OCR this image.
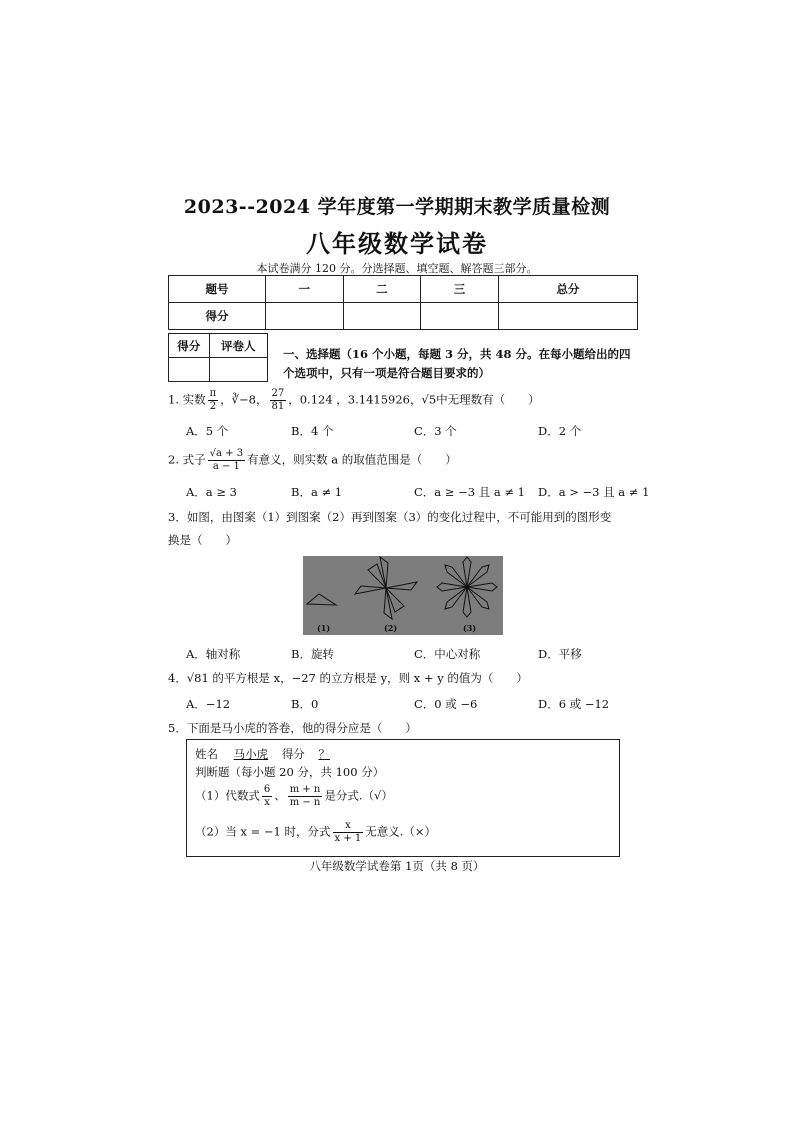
2023--2024 学年度第一学期期末教学质量检测
八年级数学试卷
本试卷满分 120 分。分选择题、填空题、解答题三部分。
题号	一	二	三	总分
得分				
得分	评卷人

一、选择题（16 个小题，每题 3 分，共 48 分。在每小题给出的四
个选项中，只有一项是符合题目要求的）
1. 实数 $\frac{\pi}{2}$ ，∛−8， $\frac{27}{81}$ ，0.124 ，3.1415926，√5中无理数有（　　）
A．5 个	B．4 个	C．3 个	D．2 个
2. 式子 $\frac{√a + 3}{a - 1}$ 有意义，则实数 a 的取值范围是（　　）
A．a ≥ 3	B．a ≠ 1	C．a ≥ −3 且 a ≠ 1 D．a > −3 且 a ≠ 1
3．如图，由图案（1）到图案（2）再到图案（3）的变化过程中，不可能用到的图形变
换是（　　）
(1)	(2)	(3)
A．轴对称	B．旋转	C．中心对称	D．平移
4．√81 的平方根是 x，−27 的立方根是 y，则 x + y 的值为（　　）
A．−12	B．0	C．0 或 −6	D．6 或 −12
5．下面是马小虎的答卷，他的得分应是（　　）
姓名 马小虎 得分 ？
判断题（每小题 20 分，共 100 分）
（1）代数式 $\frac{6}{x}$ 、 $\frac{m + n}{m - n}$ 是分式.（√）
（2）当 x = −1 时，分式 $\frac{x}{x + 1}$ 无意义.（×）
八年级数学试卷第 1页（共 8 页）
